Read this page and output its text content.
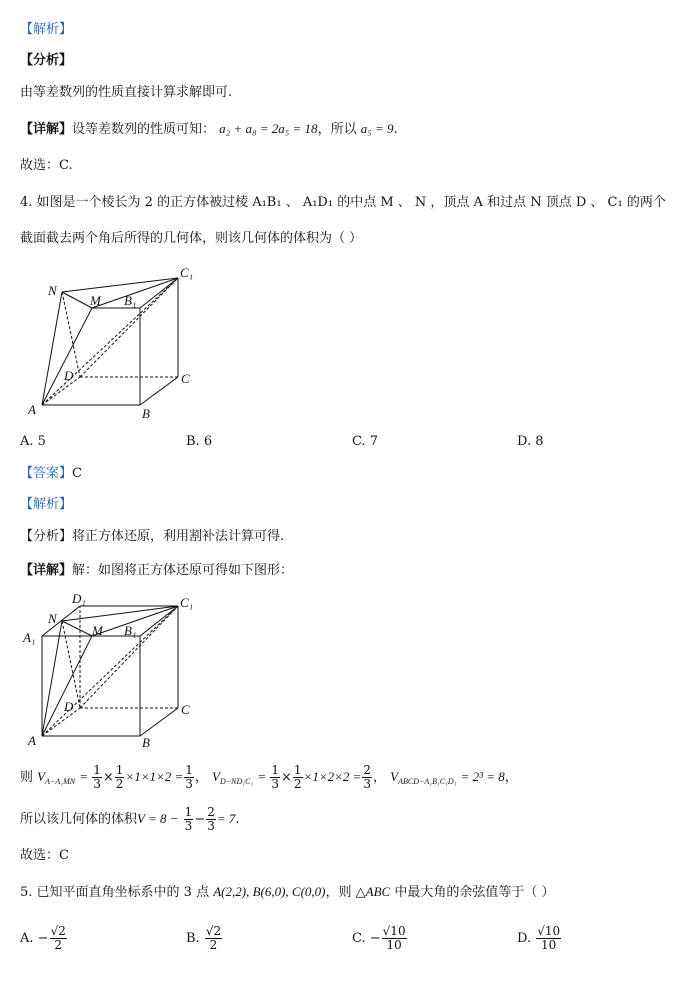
【解析】
【分析】
由等差数列的性质直接计算求解即可.
【详解】设等差数列的性质可知： a₂ + a₈ = 2a₅ = 18，所以 a₅ = 9.
故选：C.
4. 如图是一个棱长为 2 的正方体被过棱 A₁B₁ 、 A₁D₁ 的中点 M 、 N ，顶点 A 和过点 N 顶点 D 、 C₁ 的两个
截面截去两个角后所得的几何体，则该几何体的体积为（ ）
N
M B₁
C₁
D	C
A	B
A. 5	B. 6	C. 7	D. 8
【答案】C
【解析】
【分析】将正方体还原，利用割补法计算可得.
【详解】解：如图将正方体还原可得如下图形：
D₁
N
C₁
A₁	M B₁
D	C
A	B
则 $V_{A-A_1MN} = \frac{1}{3} \times \frac{1}{2} \times 1\times 1\times 2 = \frac{1}{3}$ ， $V_{D-ND_1C_1} = \frac{1}{3} \times \frac{1}{2} \times 1\times 2\times 2 = \frac{2}{3}$ ， $V_{ABCD-A_1B_1C_1D_1} = 2^3 = 8$，
所以该几何体的体积$V = 8 - \frac{1}{3} - \frac{2}{3} = 7$.
故选：C
5. 已知平面直角坐标系中的 3 点 A(2,2), B(6,0), C(0,0)，则 △ABC 中最大角的余弦值等于（ ）
A. − $\frac{√2}{2}$	B. $\frac{√2}{2}$	C. − $\frac{√10}{10}$	D. $\frac{√10}{10}$
